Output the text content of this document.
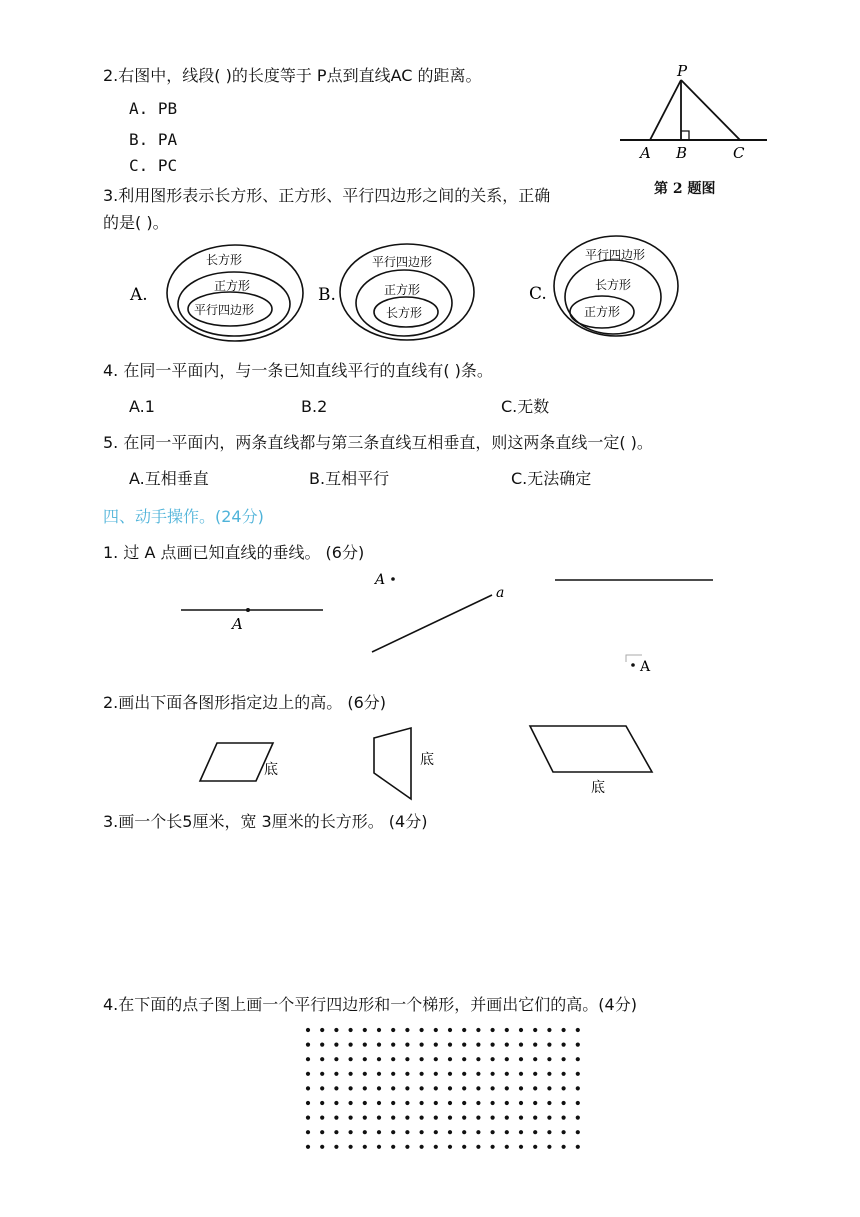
2.右图中，线段( )的长度等于 P点到直线AC 的距离。
A. PB
B. PA
C. PC
P
A B	C
第 2 题图
3.利用图形表示长方形、正方形、平行四边形之间的关系，正确
的是( )。
A.
长方形
正方形
平行四边形
B.
平行四边形
正方形
长方形
C.
平行四边形
长方形
正方形
4. 在同一平面内，与一条已知直线平行的直线有( )条。
A.1	B.2	C.无数
5. 在同一平面内，两条直线都与第三条直线互相垂直，则这两条直线一定( )。
A.互相垂直	B.互相平行	C.无法确定
四、动手操作。(24分)
1. 过 A 点画已知直线的垂线。 (6分)
A
A
a
A
2.画出下面各图形指定边上的高。 (6分)
底
底
底
3.画一个长5厘米，宽 3厘米的长方形。 (4分)
4.在下面的点子图上画一个平行四边形和一个梯形，并画出它们的高。(4分)
